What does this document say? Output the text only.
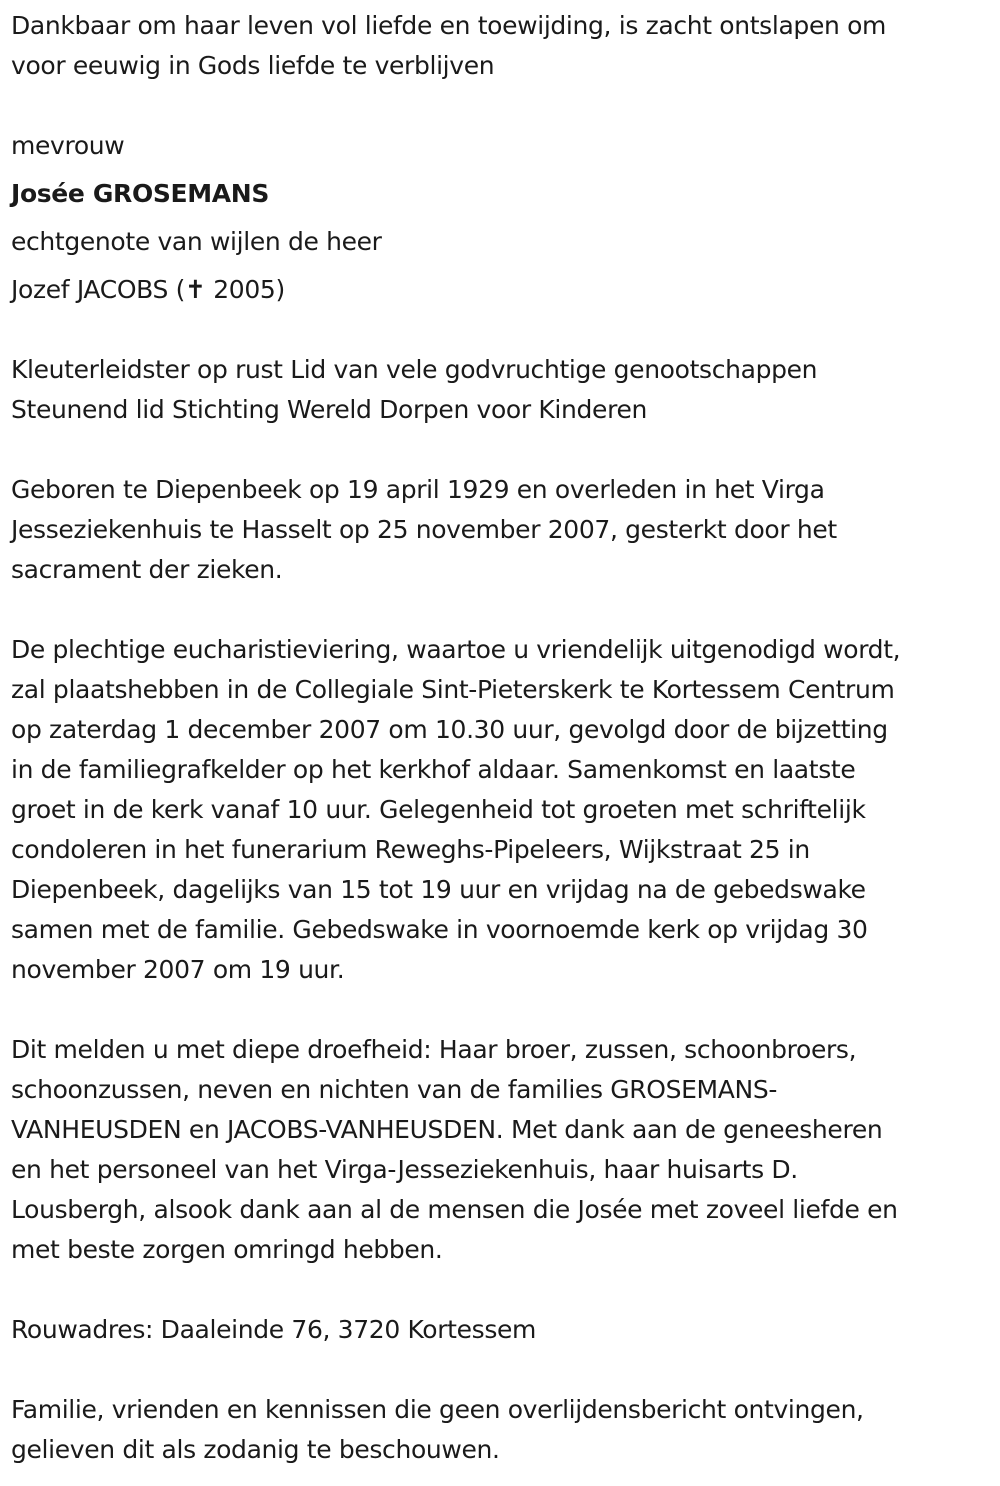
Dankbaar om haar leven vol liefde en toewijding, is zacht ontslapen om
voor eeuwig in Gods liefde te verblijven

mevrouw

Josée GROSEMANS

echtgenote van wijlen de heer

Jozef JACOBS (✝ 2005)

Kleuterleidster op rust Lid van vele godvruchtige genootschappen
Steunend lid Stichting Wereld Dorpen voor Kinderen

Geboren te Diepenbeek op 19 april 1929 en overleden in het Virga
Jesseziekenhuis te Hasselt op 25 november 2007, gesterkt door het
sacrament der zieken.

De plechtige eucharistieviering, waartoe u vriendelijk uitgenodigd wordt,
zal plaatshebben in de Collegiale Sint-Pieterskerk te Kortessem Centrum
op zaterdag 1 december 2007 om 10.30 uur, gevolgd door de bijzetting
in de familiegrafkelder op het kerkhof aldaar. Samenkomst en laatste
groet in de kerk vanaf 10 uur. Gelegenheid tot groeten met schriftelijk
condoleren in het funerarium Reweghs-Pipeleers, Wijkstraat 25 in
Diepenbeek, dagelijks van 15 tot 19 uur en vrijdag na de gebedswake
samen met de familie. Gebedswake in voornoemde kerk op vrijdag 30
november 2007 om 19 uur.

Dit melden u met diepe droefheid: Haar broer, zussen, schoonbroers,
schoonzussen, neven en nichten van de families GROSEMANS-
VANHEUSDEN en JACOBS-VANHEUSDEN. Met dank aan de geneesheren
en het personeel van het Virga-Jesseziekenhuis, haar huisarts D.
Lousbergh, alsook dank aan al de mensen die Josée met zoveel liefde en
met beste zorgen omringd hebben.

Rouwadres: Daaleinde 76, 3720 Kortessem

Familie, vrienden en kennissen die geen overlijdensbericht ontvingen,
gelieven dit als zodanig te beschouwen.
